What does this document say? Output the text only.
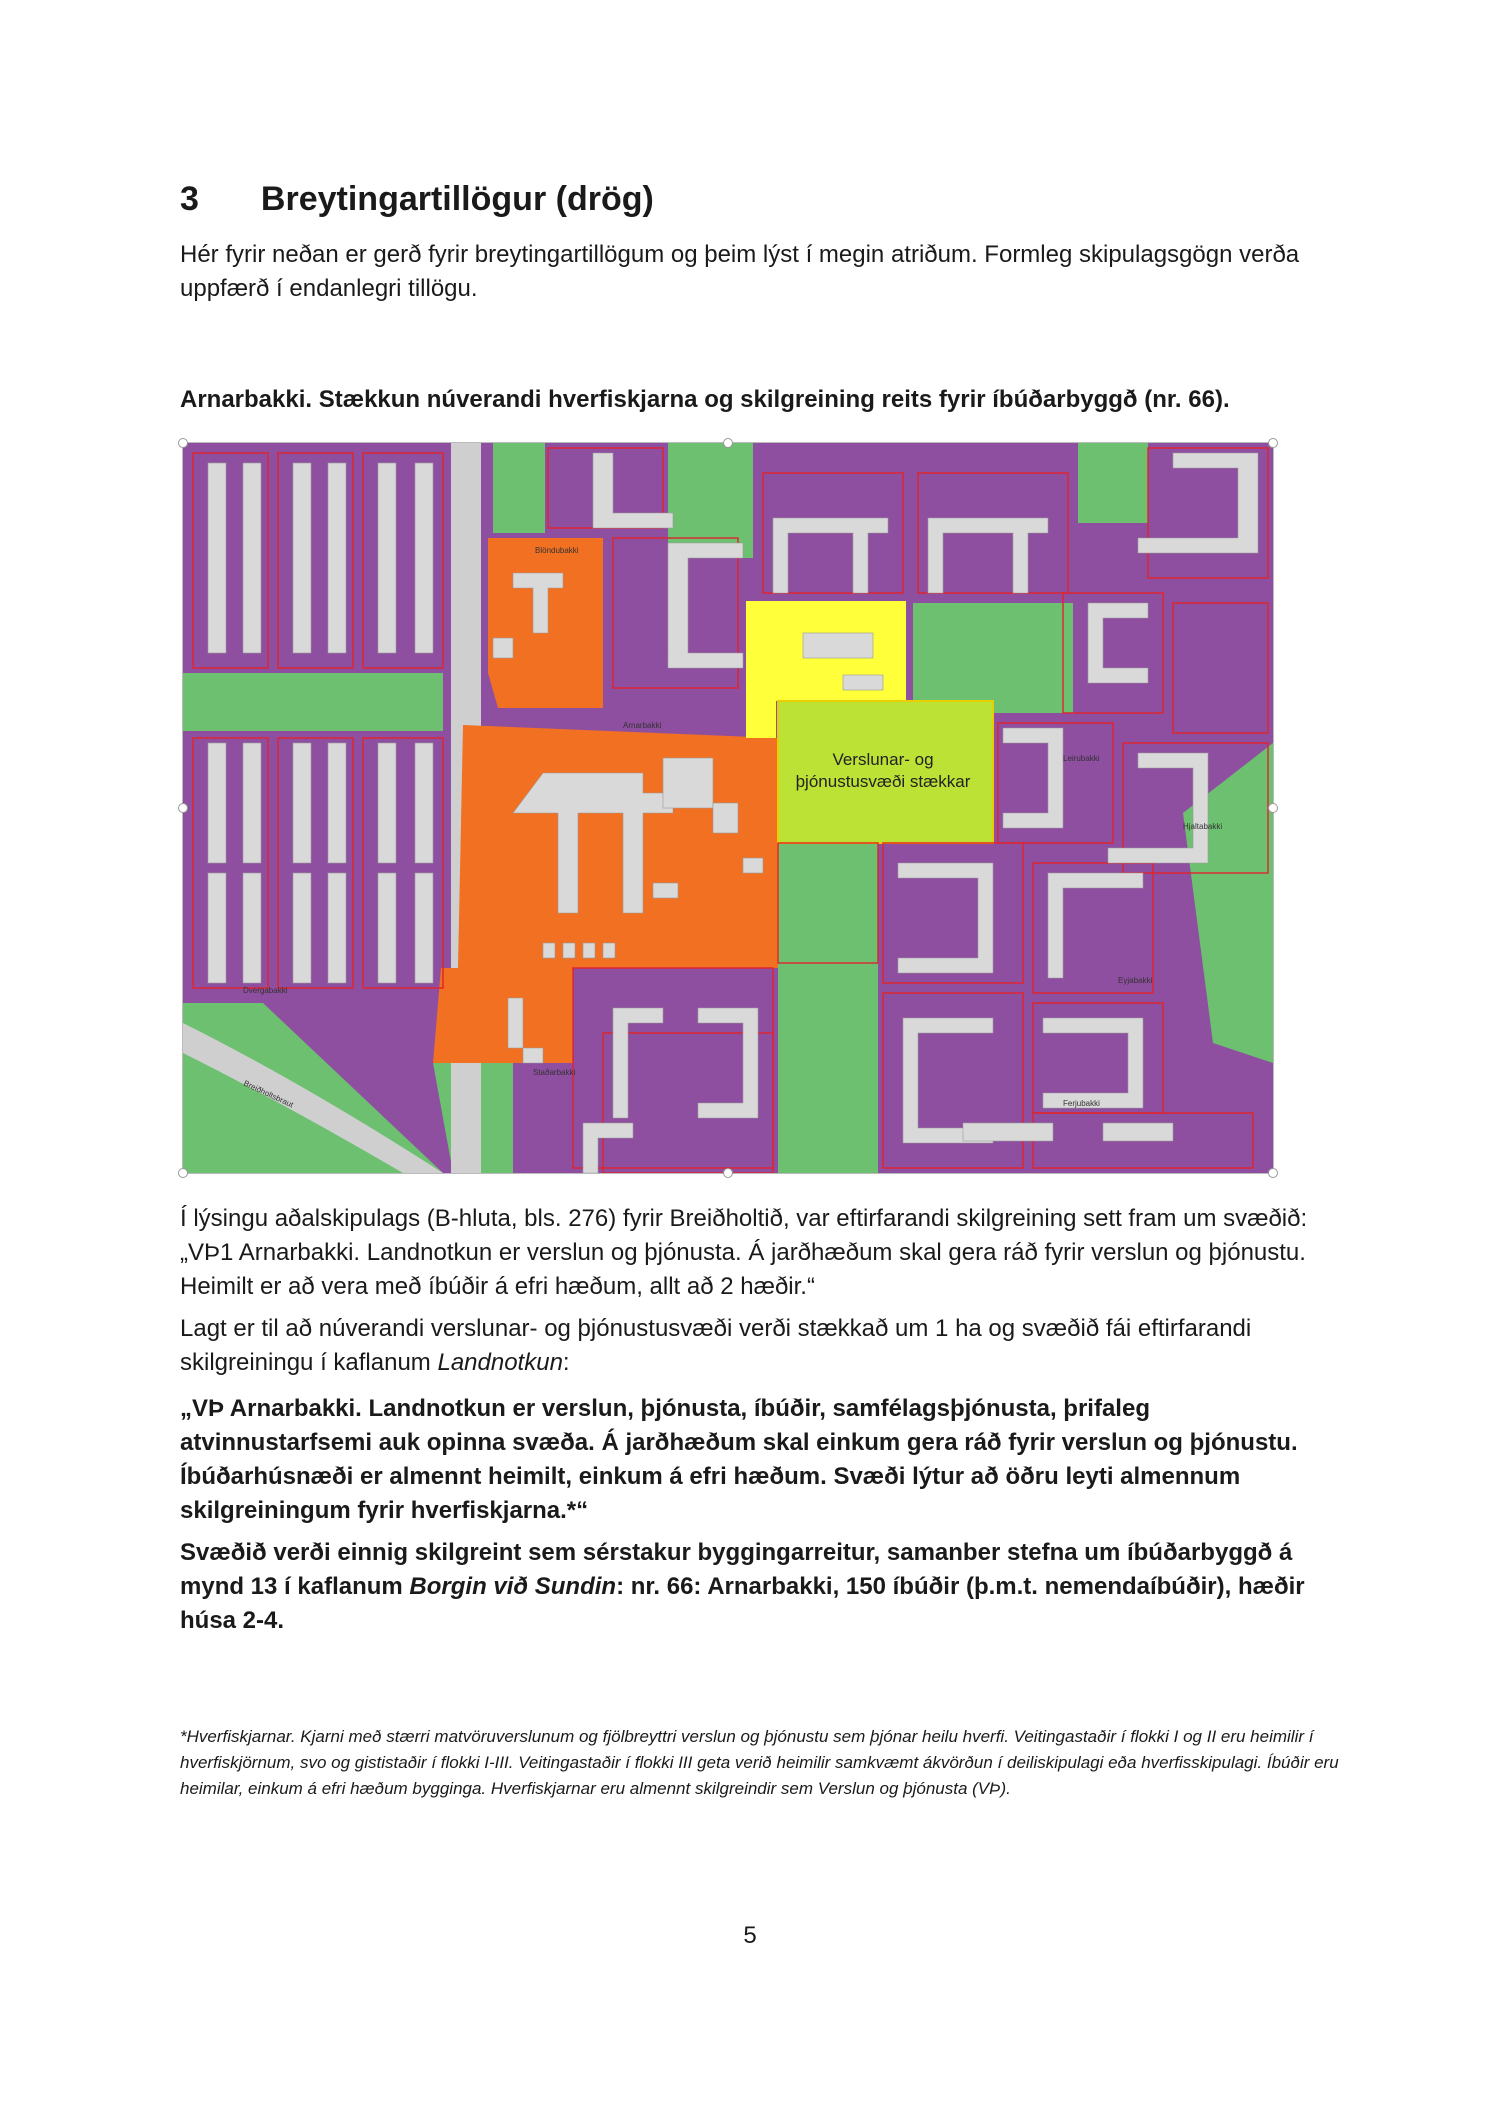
3 Breytingartillögur (drög)

Hér fyrir neðan er gerð fyrir breytingartillögum og þeim lýst í megin atriðum. Formleg skipulagsgögn verða uppfærð í endanlegri tillögu.

Arnarbakki. Stækkun núverandi hverfiskjarna og skilgreining reits fyrir íbúðarbyggð (nr. 66).
Verslunar- og
þjónustusvæði stækkar
Blöndubakki
Arnarbakki
Leirubakki
Staðarbakki
Breiðholtsbraut
Dvergabakki
Hjaltabakki
Eyjabakki
Ferjubakki

Í lýsingu aðalskipulags (B-hluta, bls. 276) fyrir Breiðholtið, var eftirfarandi skilgreining sett fram um svæðið: „VÞ1 Arnarbakki. Landnotkun er verslun og þjónusta. Á jarðhæðum skal gera ráð fyrir verslun og þjónustu. Heimilt er að vera með íbúðir á efri hæðum, allt að 2 hæðir.“

Lagt er til að núverandi verslunar- og þjónustusvæði verði stækkað um 1 ha og svæðið fái eftirfarandi skilgreiningu í kaflanum Landnotkun:

„VÞ Arnarbakki. Landnotkun er verslun, þjónusta, íbúðir, samfélagsþjónusta, þrifaleg atvinnustarfsemi auk opinna svæða. Á jarðhæðum skal einkum gera ráð fyrir verslun og þjónustu. Íbúðarhúsnæði er almennt heimilt, einkum á efri hæðum. Svæði lýtur að öðru leyti almennum skilgreiningum fyrir hverfiskjarna.*“

Svæðið verði einnig skilgreint sem sérstakur byggingarreitur, samanber stefna um íbúðarbyggð á mynd 13 í kaflanum Borgin við Sundin: nr. 66: Arnarbakki, 150 íbúðir (þ.m.t. nemendaíbúðir), hæðir húsa 2-4.

*Hverfiskjarnar. Kjarni með stærri matvöruverslunum og fjölbreyttri verslun og þjónustu sem þjónar heilu hverfi. Veitingastaðir í flokki I og II eru heimilir í hverfiskjörnum, svo og gististaðir í flokki I-III. Veitingastaðir í flokki III geta verið heimilir samkvæmt ákvörðun í deiliskipulagi eða hverfisskipulagi. Íbúðir eru heimilar, einkum á efri hæðum bygginga. Hverfiskjarnar eru almennt skilgreindir sem Verslun og þjónusta (VÞ).

5
